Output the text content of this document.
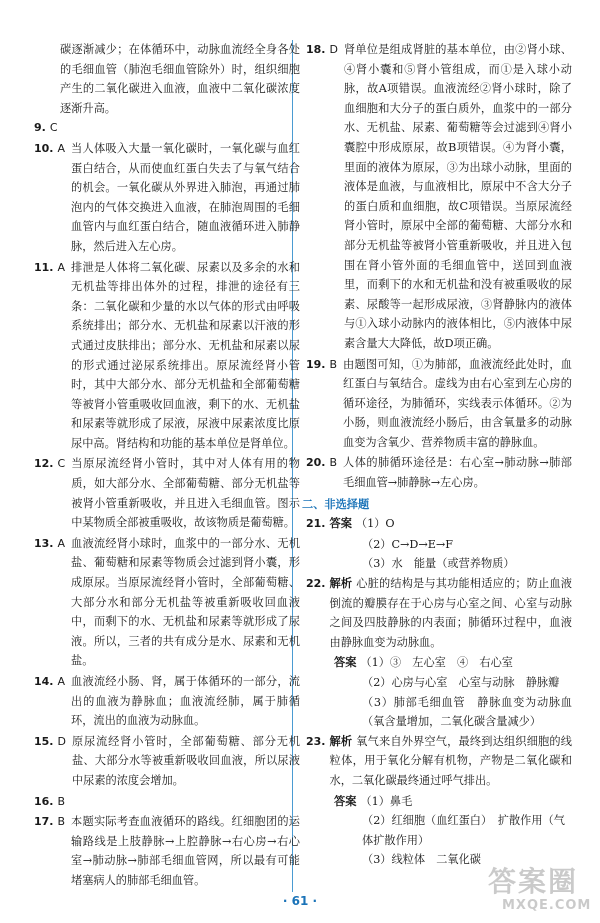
碳逐渐减少；在体循环中，动脉血流经全身各处的毛细血管（肺泡毛细血管除外）时，组织细胞产生的二氧化碳进入血液，血液中二氧化碳浓度逐渐升高。
9. C
10. A 当人体吸入大量一氧化碳时，一氧化碳与血红蛋白结合，从而使血红蛋白失去了与氧气结合的机会。一氧化碳从外界进入肺泡，再通过肺泡内的气体交换进入血液，在肺泡周围的毛细血管内与血红蛋白结合，随血液循环进入肺静脉，然后进入左心房。
11. A 排泄是人体将二氧化碳、尿素以及多余的水和无机盐等排出体外的过程，排泄的途径有三条：二氧化碳和少量的水以气体的形式由呼吸系统排出；部分水、无机盐和尿素以汗液的形式通过皮肤排出；部分水、无机盐和尿素以尿的形式通过泌尿系统排出。原尿流经肾小管时，其中大部分水、部分无机盐和全部葡萄糖等被肾小管重吸收回血液，剩下的水、无机盐和尿素等就形成了尿液，尿液中尿素浓度比原尿中高。肾结构和功能的基本单位是肾单位。
12. C 当原尿流经肾小管时，其中对人体有用的物质，如大部分水、全部葡萄糖、部分无机盐等被肾小管重新吸收，并且进入毛细血管。图示中某物质全部被重吸收，故该物质是葡萄糖。
13. A 血液流经肾小球时，血浆中的一部分水、无机盐、葡萄糖和尿素等物质会过滤到肾小囊，形成原尿。当原尿流经肾小管时，全部葡萄糖、大部分水和部分无机盐等被重新吸收回血液中，而剩下的水、无机盐和尿素等就形成了尿液。所以，三者的共有成分是水、尿素和无机盐。
14. A 血液流经小肠、肾，属于体循环的一部分，流出的血液为静脉血；血液流经肺，属于肺循环，流出的血液为动脉血。
15. D 原尿流经肾小管时，全部葡萄糖、部分无机盐、大部分水等被重新吸收回血液，所以尿液中尿素的浓度会增加。
16. B
17. B 本题实际考查血液循环的路线。红细胞团的运输路线是上肢静脉→上腔静脉→右心房→右心室→肺动脉→肺部毛细血管网，所以最有可能堵塞病人的肺部毛细血管。
18. D 肾单位是组成肾脏的基本单位，由②肾小球、④肾小囊和⑤肾小管组成，而①是入球小动脉，故A项错误。血液流经②肾小球时，除了血细胞和大分子的蛋白质外，血浆中的一部分水、无机盐、尿素、葡萄糖等会过滤到④肾小囊腔中形成原尿，故B项错误。④为肾小囊，里面的液体为原尿，③为出球小动脉，里面的液体是血液，与血液相比，原尿中不含大分子的蛋白质和血细胞，故C项错误。当原尿流经肾小管时，原尿中全部的葡萄糖、大部分水和部分无机盐等被肾小管重新吸收，并且进入包围在肾小管外面的毛细血管中，送回到血液里，而剩下的水和无机盐和没有被重吸收的尿素、尿酸等一起形成尿液，③肾静脉内的液体与①入球小动脉内的液体相比，⑤内液体中尿素含量大大降低，故D项正确。
19. B 由题图可知，①为肺部，血液流经此处时，血红蛋白与氧结合。虚线为由右心室到左心房的循环途径，为肺循环，实线表示体循环。②为小肠，则血液流经小肠后，由含氧量多的动脉血变为含氧少、营养物质丰富的静脉血。
20. B 人体的肺循环途径是：右心室→肺动脉→肺部毛细血管→肺静脉→左心房。
二、非选择题
21. 答案 （1）O
（2）C→D→E→F
（3）水　能量（或营养物质）
22. 解析 心脏的结构是与其功能相适应的；防止血液倒流的瓣膜存在于心房与心室之间、心室与动脉之间及四肢静脉的内表面；肺循环过程中，血液由静脉血变为动脉血。
答案 （1）③　左心室　④　右心室
（2）心房与心室　心室与动脉　静脉瓣
（3）肺部毛细血管　静脉血变为动脉血（氧含量增加，二氧化碳含量减少）
23. 解析 氧气来自外界空气，最终到达组织细胞的线粒体，用于氧化分解有机物，产物是二氧化碳和水，二氧化碳最终通过呼气排出。
答案 （1）鼻毛
（2）红细胞（血红蛋白）　扩散作用（气体扩散作用）
（3）线粒体　二氧化碳
· 61 ·
答案圈
MXQE.COM
